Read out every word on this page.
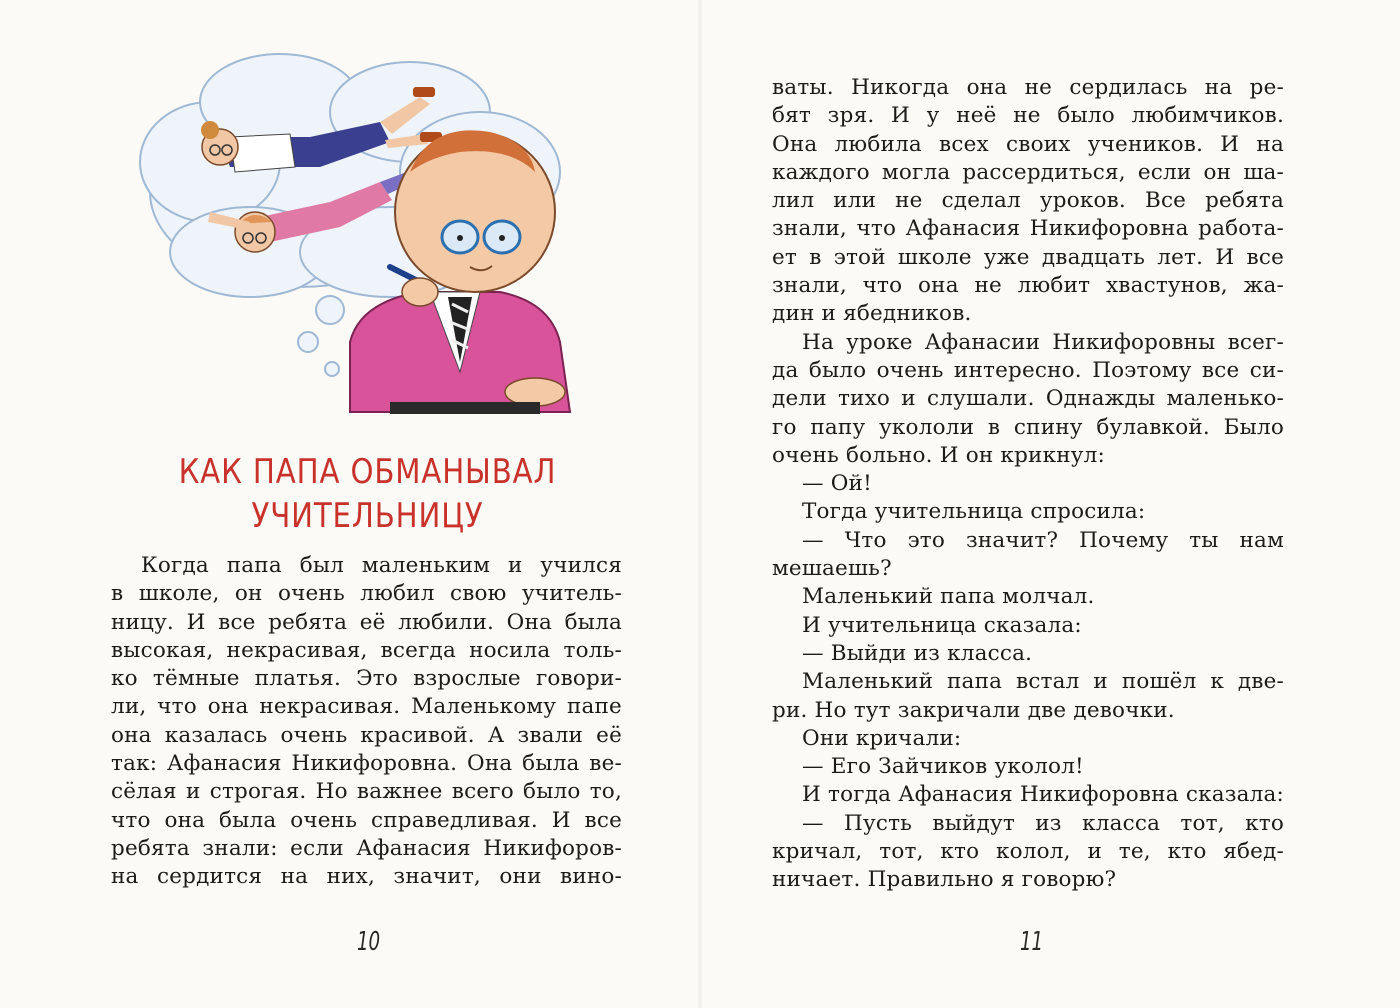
КАК ПАПА ОБМАНЫВАЛ
УЧИТЕЛЬНИЦУ
Когда папа был маленьким и учился
в школе, он очень любил свою учитель-
ницу. И все ребята её любили. Она была
высокая, некрасивая, всегда носила толь-
ко тёмные платья. Это взрослые говори-
ли, что она некрасивая. Маленькому папе
она казалась очень красивой. А звали её
так: Афанасия Никифоровна. Она была ве-
сёлая и строгая. Но важнее всего было то,
что она была очень справедливая. И все
ребята знали: если Афанасия Никифоров-
на сердится на них, значит, они вино-
10
ваты. Никогда она не сердилась на ре-
бят зря. И у неё не было любимчиков.
Она любила всех своих учеников. И на
каждого могла рассердиться, если он ша-
лил или не сделал уроков. Все ребята
знали, что Афанасия Никифоровна работа-
ет в этой школе уже двадцать лет. И все
знали, что она не любит хвастунов, жа-
дин и ябедников.
На уроке Афанасии Никифоровны всег-
да было очень интересно. Поэтому все си-
дели тихо и слушали. Однажды маленько-
го папу укололи в спину булавкой. Было
очень больно. И он крикнул:
— Ой!
Тогда учительница спросила:
— Что это значит? Почему ты нам
мешаешь?
Маленький папа молчал.
И учительница сказала:
— Выйди из класса.
Маленький папа встал и пошёл к две-
ри. Но тут закричали две девочки.
Они кричали:
— Его Зайчиков уколол!
И тогда Афанасия Никифоровна сказала:
— Пусть выйдут из класса тот, кто
кричал, тот, кто колол, и те, кто ябед-
ничает. Правильно я говорю?
11
